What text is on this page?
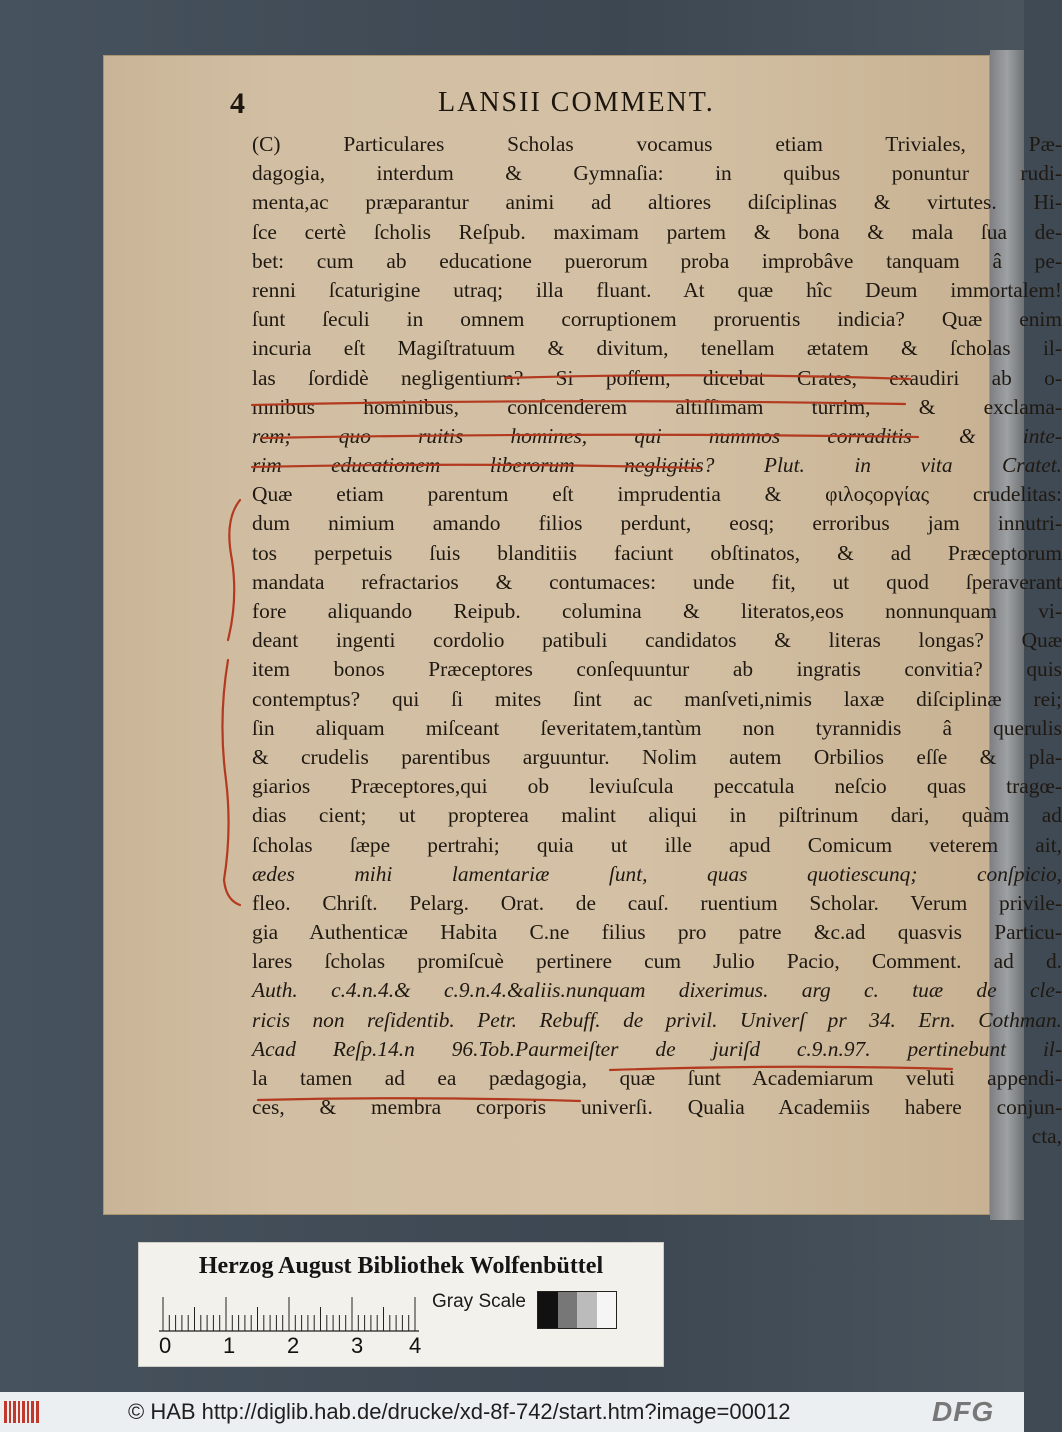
4	LANSII COMMENT.
(C) Particulares Scholas vocamus etiam Triviales, Pæ-
dagogia, interdum & Gymnaſia: in quibus ponuntur rudi-
menta,ac præparantur animi ad altiores diſciplinas & virtutes. Hi-
ſce certè ſcholis Reſpub. maximam partem & bona & mala ſua de-
bet: cum ab educatione puerorum proba improbâve tanquam â pe-
renni ſcaturigine utraq; illa fluant. At quæ hîc Deum immortalem!
ſunt ſeculi in omnem corruptionem proruentis indicia? Quæ enim
incuria eſt Magiſtratuum & divitum, tenellam ætatem & ſcholas il-
las ſordidè negligentium? Si poſſem, dicebat Crates, exaudiri ab o-
mnibus hominibus, conſcenderem altiſſimam turrim, & exclama-
rem; quo ruitis homines, qui nummos corraditis & inte-
rim educationem liberorum negligitis? Plut. in vita Cratet.
Quæ etiam parentum eſt imprudentia & φιλοςοργίας crudelitas:
dum nimium amando filios perdunt, eosq; erroribus jam innutri-
tos perpetuis ſuis blanditiis faciunt obſtinatos, & ad Præceptorum
mandata refractarios & contumaces: unde fit, ut quod ſperaverant
fore aliquando Reipub. columina & literatos,eos nonnunquam vi-
deant ingenti cordolio patibuli candidatos & literas longas? Quæ
item bonos Præceptores conſequuntur ab ingratis convitia? quis
contemptus? qui ſi mites ſint ac manſveti,nimis laxæ diſciplinæ rei;
ſin aliquam miſceant ſeveritatem,tantùm non tyrannidis â querulis
& crudelis parentibus arguuntur. Nolim autem Orbilios eſſe & pla-
giarios Præceptores,qui ob leviuſcula peccatula neſcio quas tragœ-
dias cient; ut propterea malint aliqui in piſtrinum dari, quàm ad
ſcholas ſæpe pertrahi; quia ut ille apud Comicum veterem ait,
ædes mihi lamentariæ ſunt, quas quotiescunq; conſpicio,
fleo. Chriſt. Pelarg. Orat. de cauſ. ruentium Scholar. Verum privile-
gia Authenticæ Habita C.ne filius pro patre &c.ad quasvis Particu-
lares ſcholas promiſcuè pertinere cum Julio Pacio, Comment. ad d.
Auth. c.4.n.4.& c.9.n.4.&aliis.nunquam dixerimus. arg c. tuæ de cle-
ricis non reſidentib. Petr. Rebuff. de privil. Univerſ pr 34. Ern. Cothman.
Acad Reſp.14.n 96.Tob.Paurmeiſter de juriſd c.9.n.97. pertinebunt il-
la tamen ad ea pædagogia, quæ ſunt Academiarum veluti appendi-
ces, & membra corporis univerſi. Qualia Academiis habere conjun-
cta,
Herzog August Bibliothek Wolfenbüttel
0 1 2 3 4
Gray Scale
© HAB http://diglib.hab.de/drucke/xd-8f-742/start.htm?image=00012	DFG
